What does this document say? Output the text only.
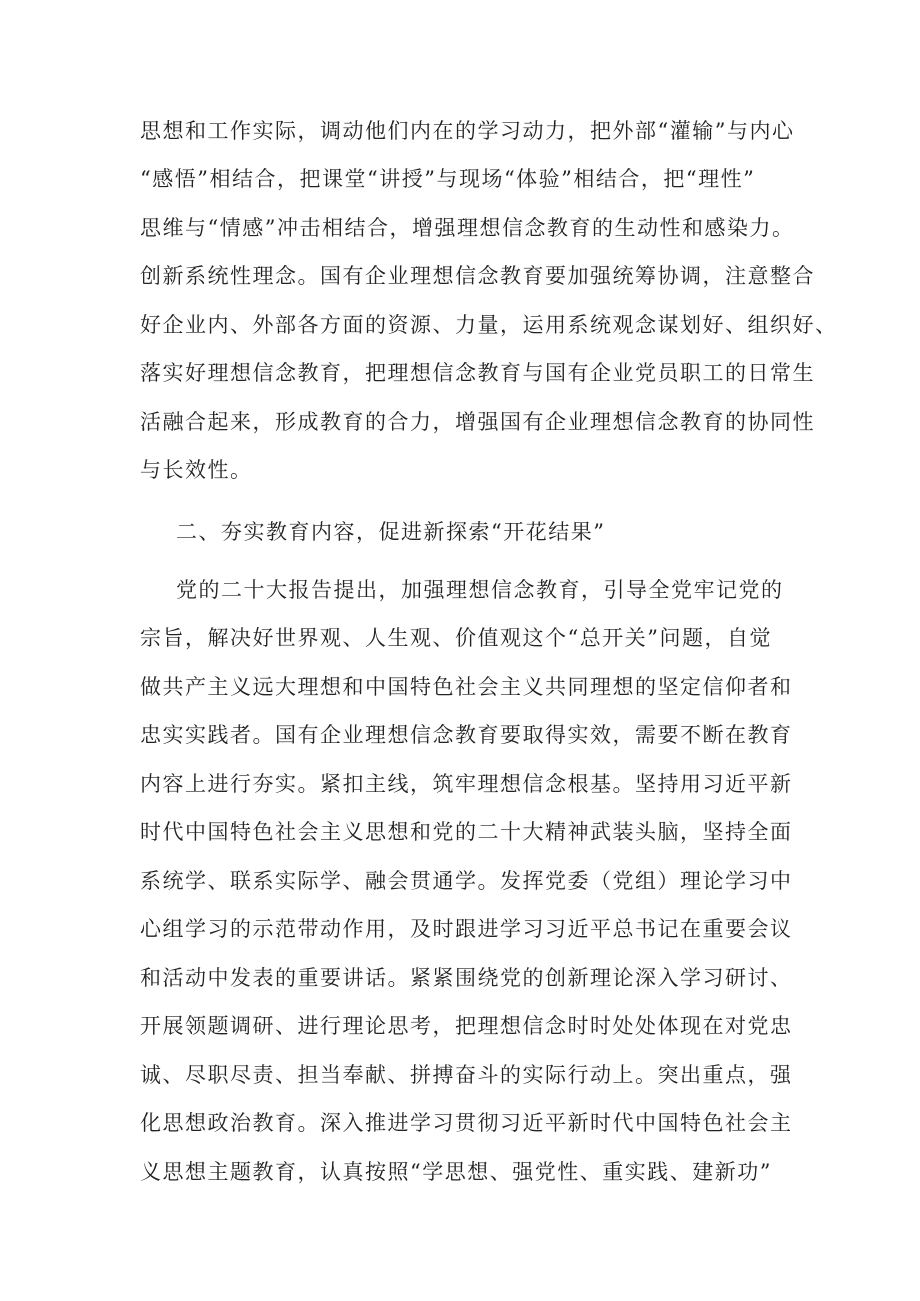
思想和工作实际，调动他们内在的学习动力，把外部“灌输”与内心
“感悟”相结合，把课堂“讲授”与现场“体验”相结合，把“理性”
思维与“情感”冲击相结合，增强理想信念教育的生动性和感染力。
创新系统性理念。国有企业理想信念教育要加强统筹协调，注意整合
好企业内、外部各方面的资源、力量，运用系统观念谋划好、组织好、
落实好理想信念教育，把理想信念教育与国有企业党员职工的日常生
活融合起来，形成教育的合力，增强国有企业理想信念教育的协同性
与长效性。
二、夯实教育内容，促进新探索“开花结果”
党的二十大报告提出，加强理想信念教育，引导全党牢记党的
宗旨，解决好世界观、人生观、价值观这个“总开关”问题，自觉
做共产主义远大理想和中国特色社会主义共同理想的坚定信仰者和
忠实实践者。国有企业理想信念教育要取得实效，需要不断在教育
内容上进行夯实。紧扣主线，筑牢理想信念根基。坚持用习近平新
时代中国特色社会主义思想和党的二十大精神武装头脑，坚持全面
系统学、联系实际学、融会贯通学。发挥党委（党组）理论学习中
心组学习的示范带动作用，及时跟进学习习近平总书记在重要会议
和活动中发表的重要讲话。紧紧围绕党的创新理论深入学习研讨、
开展领题调研、进行理论思考，把理想信念时时处处体现在对党忠
诚、尽职尽责、担当奉献、拼搏奋斗的实际行动上。突出重点，强
化思想政治教育。深入推进学习贯彻习近平新时代中国特色社会主
义思想主题教育，认真按照“学思想、强党性、重实践、建新功”
